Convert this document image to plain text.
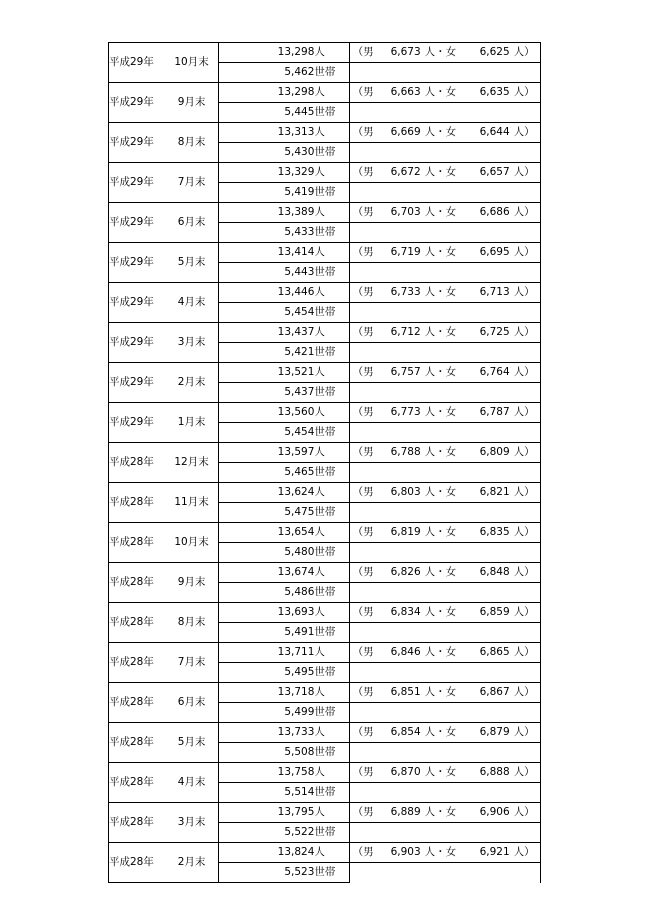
平成29年	10月末	13,298	人	（男 6,673 人・女 6,625 人）
		5,462	世帯	
平成29年	9月末	13,298	人	（男 6,663 人・女 6,635 人）
		5,445	世帯	
平成29年	8月末	13,313	人	（男 6,669 人・女 6,644 人）
		5,430	世帯	
平成29年	7月末	13,329	人	（男 6,672 人・女 6,657 人）
		5,419	世帯	
平成29年	6月末	13,389	人	（男 6,703 人・女 6,686 人）
		5,433	世帯	
平成29年	5月末	13,414	人	（男 6,719 人・女 6,695 人）
		5,443	世帯	
平成29年	4月末	13,446	人	（男 6,733 人・女 6,713 人）
		5,454	世帯	
平成29年	3月末	13,437	人	（男 6,712 人・女 6,725 人）
		5,421	世帯	
平成29年	2月末	13,521	人	（男 6,757 人・女 6,764 人）
		5,437	世帯	
平成29年	1月末	13,560	人	（男 6,773 人・女 6,787 人）
		5,454	世帯	
平成28年	12月末	13,597	人	（男 6,788 人・女 6,809 人）
		5,465	世帯	
平成28年	11月末	13,624	人	（男 6,803 人・女 6,821 人）
		5,475	世帯	
平成28年	10月末	13,654	人	（男 6,819 人・女 6,835 人）
		5,480	世帯	
平成28年	9月末	13,674	人	（男 6,826 人・女 6,848 人）
		5,486	世帯	
平成28年	8月末	13,693	人	（男 6,834 人・女 6,859 人）
		5,491	世帯	
平成28年	7月末	13,711	人	（男 6,846 人・女 6,865 人）
		5,495	世帯	
平成28年	6月末	13,718	人	（男 6,851 人・女 6,867 人）
		5,499	世帯	
平成28年	5月末	13,733	人	（男 6,854 人・女 6,879 人）
		5,508	世帯	
平成28年	4月末	13,758	人	（男 6,870 人・女 6,888 人）
		5,514	世帯	
平成28年	3月末	13,795	人	（男 6,889 人・女 6,906 人）
		5,522	世帯	
平成28年	2月末	13,824	人	（男 6,903 人・女 6,921 人）
		5,523	世帯	
